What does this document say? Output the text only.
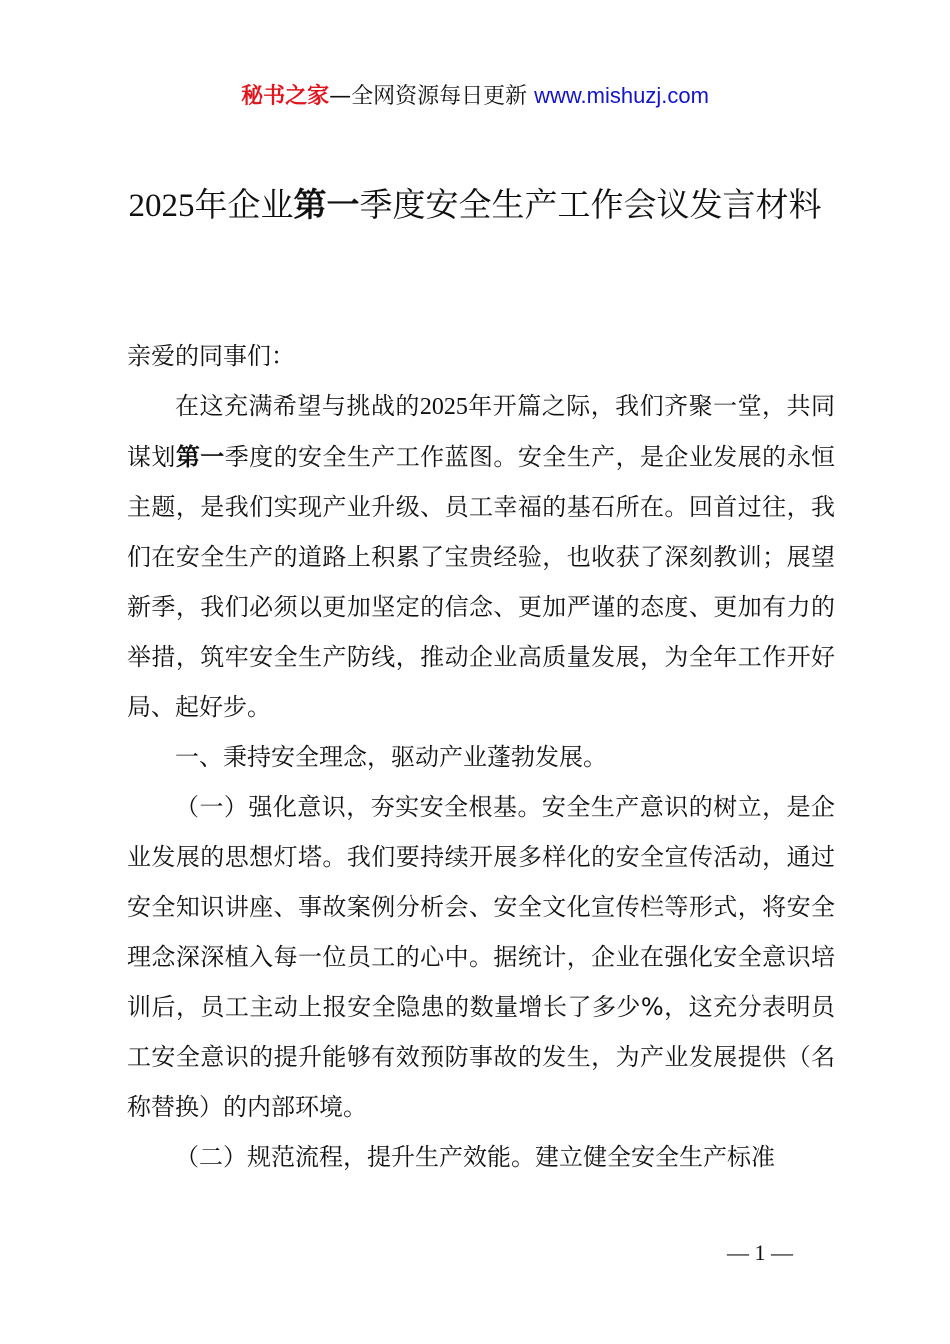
秘书之家—全网资源每日更新 www.mishuzj.com
2025年企业第一季度安全生产工作会议发言材料

亲爱的同事们：

在这充满希望与挑战的2025年开篇之际，我们齐聚一堂，共同谋划第一季度的安全生产工作蓝图。安全生产，是企业发展的永恒主题，是我们实现产业升级、员工幸福的基石所在。回首过往，我们在安全生产的道路上积累了宝贵经验，也收获了深刻教训；展望新季，我们必须以更加坚定的信念、更加严谨的态度、更加有力的举措，筑牢安全生产防线，推动企业高质量发展，为全年工作开好局、起好步。

一、秉持安全理念，驱动产业蓬勃发展。

（一）强化意识，夯实安全根基。安全生产意识的树立，是企业发展的思想灯塔。我们要持续开展多样化的安全宣传活动，通过安全知识讲座、事故案例分析会、安全文化宣传栏等形式，将安全理念深深植入每一位员工的心中。据统计，企业在强化安全意识培训后，员工主动上报安全隐患的数量增长了多少%，这充分表明员工安全意识的提升能够有效预防事故的发生，为产业发展提供（名称替换）的内部环境。

（二）规范流程，提升生产效能。建立健全安全生产标准

— 1 —
